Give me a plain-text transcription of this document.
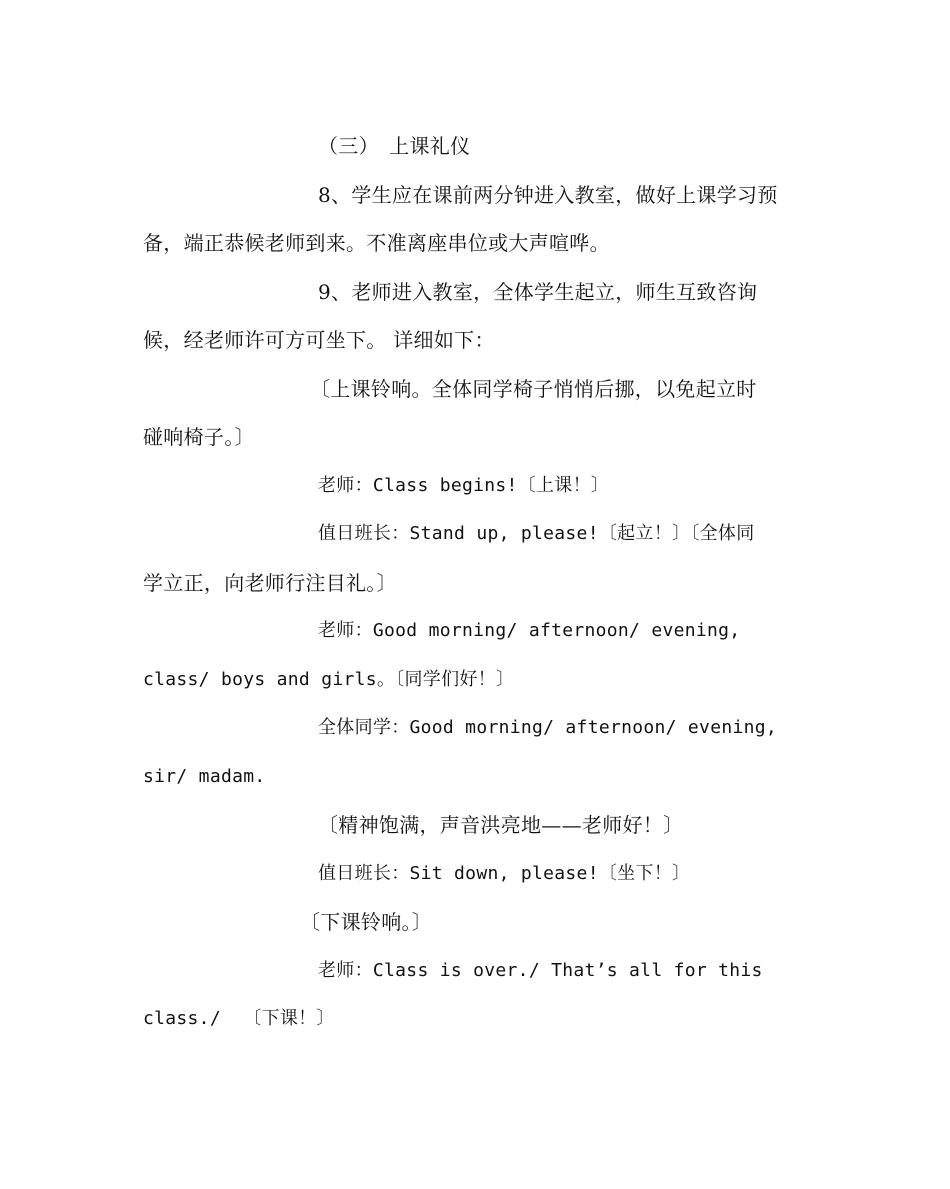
（三）　上课礼仪
8、学生应在课前两分钟进入教室，做好上课学习预
备，端正恭候老师到来。不准离座串位或大声喧哗。
9、老师进入教室，全体学生起立，师生互致咨询
候，经老师许可方可坐下。 详细如下：
〔上课铃响。全体同学椅子悄悄后挪，以免起立时
碰响椅子。〕
老师：Class begins!〔上课！〕
值日班长：Stand up, please!〔起立！〕〔全体同
学立正，向老师行注目礼。〕
老师：Good morning/ afternoon/ evening,
class/ boys and girls。〔同学们好！〕
全体同学：Good morning/ afternoon/ evening,
sir/ madam.
〔精神饱满，声音洪亮地——老师好！〕
值日班长：Sit down, please!〔坐下！〕
〔下课铃响。〕
老师：Class is over./ That’s all for this
class./  〔下课！〕
